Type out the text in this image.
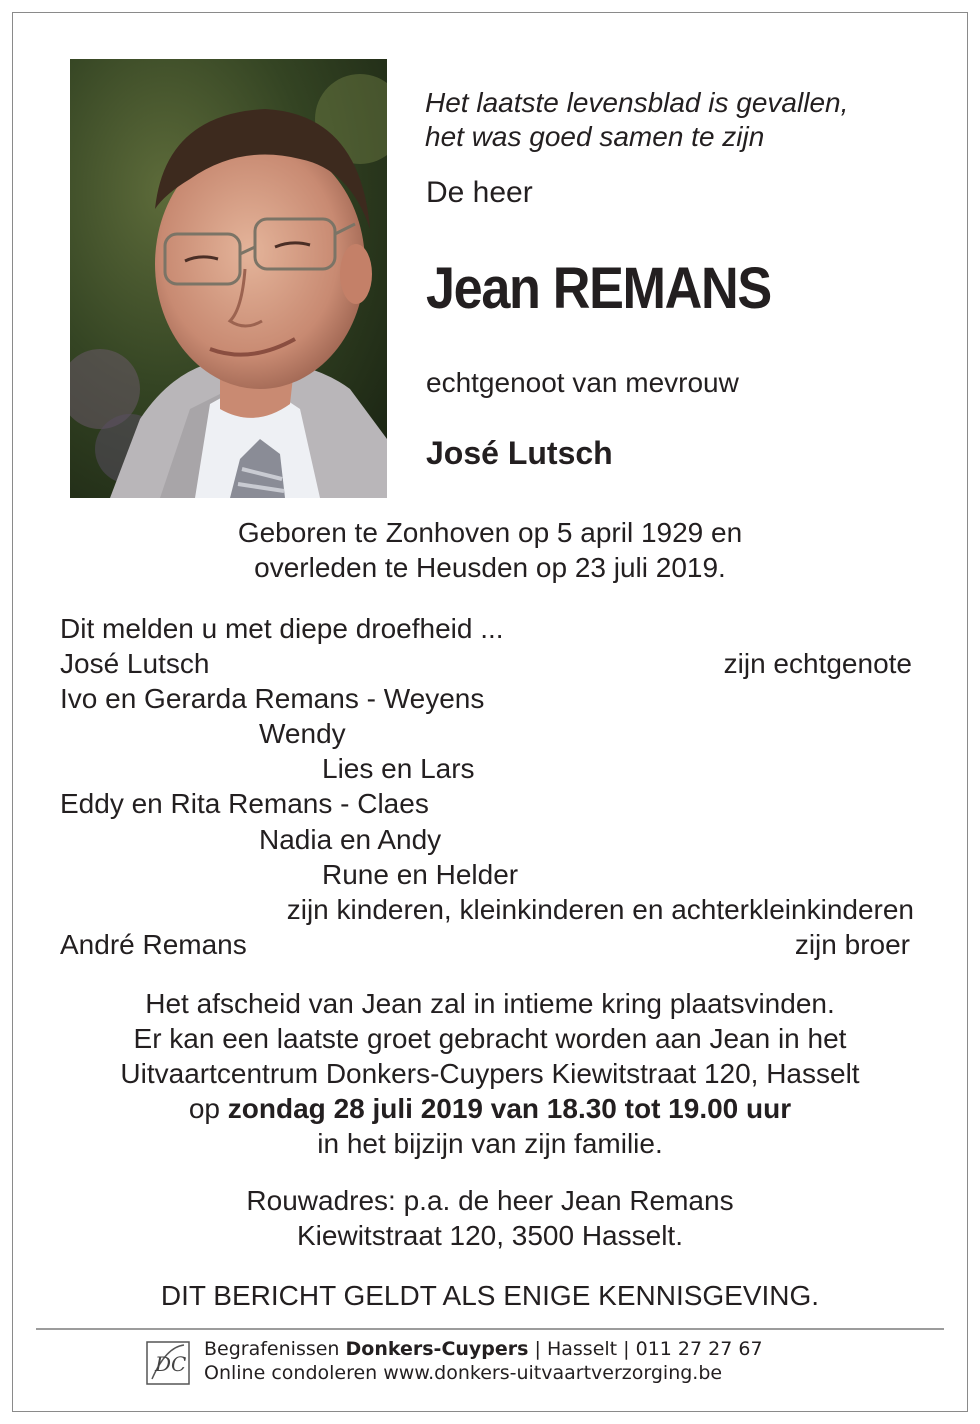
Het laatste levensblad is gevallen,
het was goed samen te zijn
De heer
Jean REMANS
echtgenoot van mevrouw
José Lutsch
Geboren te Zonhoven op 5 april 1929 en
overleden te Heusden op 23 juli 2019.
Dit melden u met diepe droefheid ...
José Lutsch	zijn echtgenote
Ivo en Gerarda Remans - Weyens
Wendy
Lies en Lars
Eddy en Rita Remans - Claes
Nadia en Andy
Rune en Helder
zijn kinderen, kleinkinderen en achterkleinkinderen
André Remans	zijn broer
Het afscheid van Jean zal in intieme kring plaatsvinden.
Er kan een laatste groet gebracht worden aan Jean in het
Uitvaartcentrum Donkers-Cuypers Kiewitstraat 120, Hasselt
op zondag 28 juli 2019 van 18.30 tot 19.00 uur
in het bijzijn van zijn familie.
Rouwadres: p.a. de heer Jean Remans
Kiewitstraat 120, 3500 Hasselt.
DIT BERICHT GELDT ALS ENIGE KENNISGEVING.
DC
Begrafenissen Donkers-Cuypers | Hasselt | 011 27 27 67
Online condoleren www.donkers-uitvaartverzorging.be
